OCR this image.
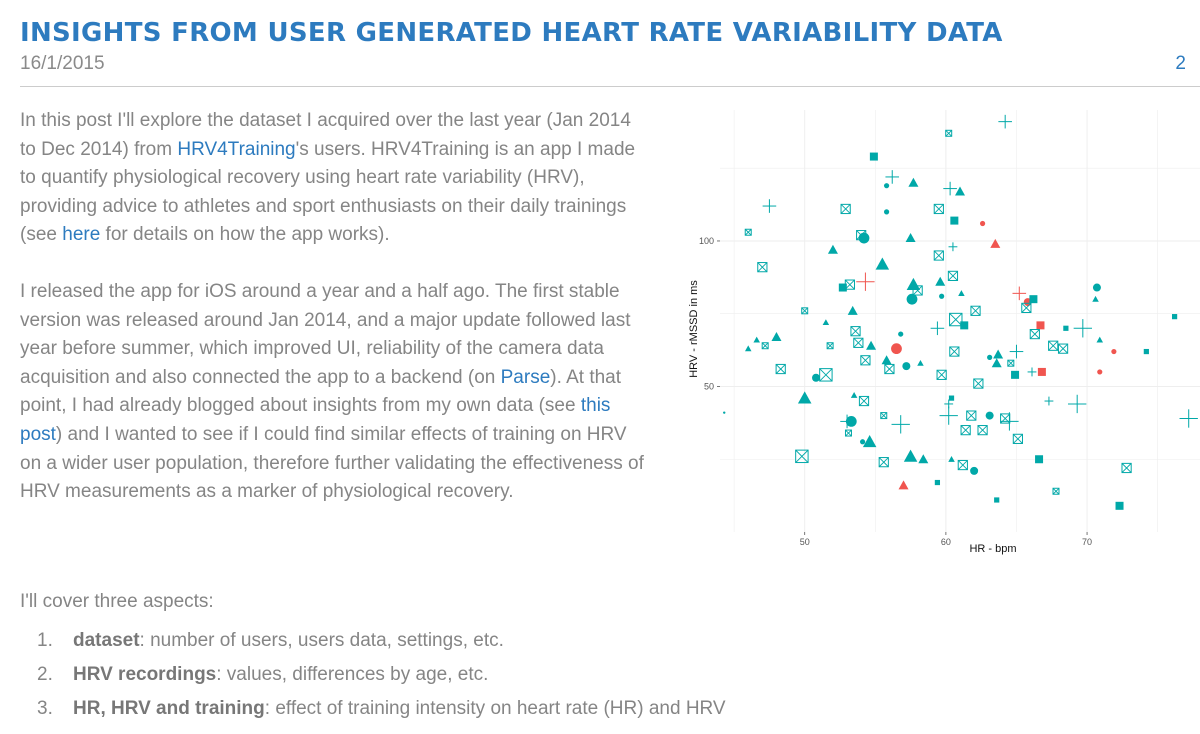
INSIGHTS FROM USER GENERATED HEART RATE VARIABILITY DATA
16/1/2015	2

In this post I'll explore the dataset I acquired over the last year (Jan 2014 to Dec 2014) from HRV4Training's users. HRV4Training is an app I made to quantify physiological recovery using heart rate variability (HRV), providing advice to athletes and sport enthusiasts on their daily trainings (see here for details on how the app works).

I released the app for iOS around a year and a half ago. The first stable version was released around Jan 2014, and a major update followed last year before summer, which improved UI, reliability of the camera data acquisition and also connected the app to a backend (on Parse). At that point, I had already blogged about insights from my own data (see this post) and I wanted to see if I could find similar effects of training on HRV on a wider user population, therefore further validating the effectiveness of HRV measurements as a marker of physiological recovery.

I'll cover three aspects:
1.	dataset: number of users, users data, settings, etc.
2.	HRV recordings: values, differences by age, etc.
3.	HR, HRV and training: effect of training intensity on heart rate (HR) and HRV
50	60	70
50
100
HR - bpm
HRV - rMSSD in ms
